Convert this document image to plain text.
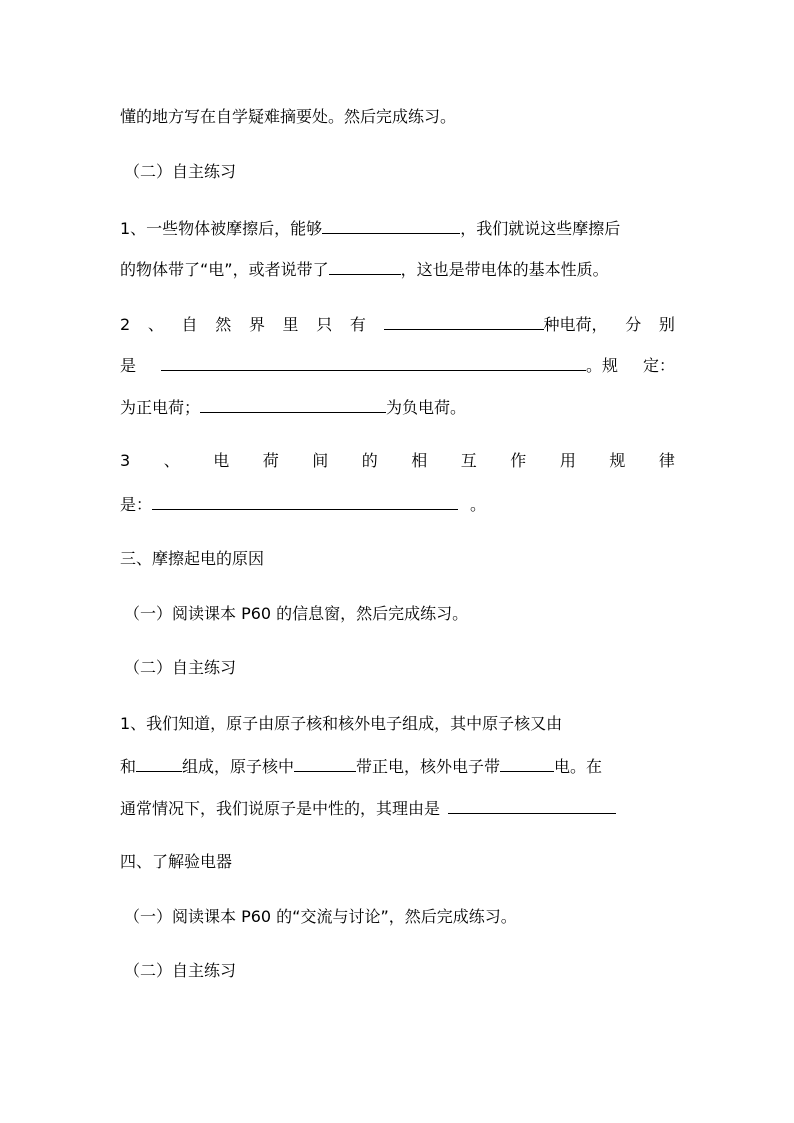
懂的地方写在自学疑难摘要处。然后完成练习。
（二）自主练习
1、一些物体被摩擦后，能够	，我们就说这些摩擦后
的物体带了“电”，或者说带了	，这也是带电体的基本性质。
2 、 自 然 界 里 只 有	种电荷， 分 别
是	。规 定：
为正电荷；	为负电荷。
3 、 电 荷 间 的 相 互 作 用 规 律
是：	。
三、摩擦起电的原因
（一）阅读课本 P60 的信息窗，然后完成练习。
（二）自主练习
1、我们知道，原子由原子核和核外电子组成，其中原子核又由
和	组成，原子核中	带正电，核外电子带	电。在
通常情况下，我们说原子是中性的，其理由是
四、了解验电器
（一）阅读课本 P60 的“交流与讨论”，然后完成练习。
（二）自主练习
